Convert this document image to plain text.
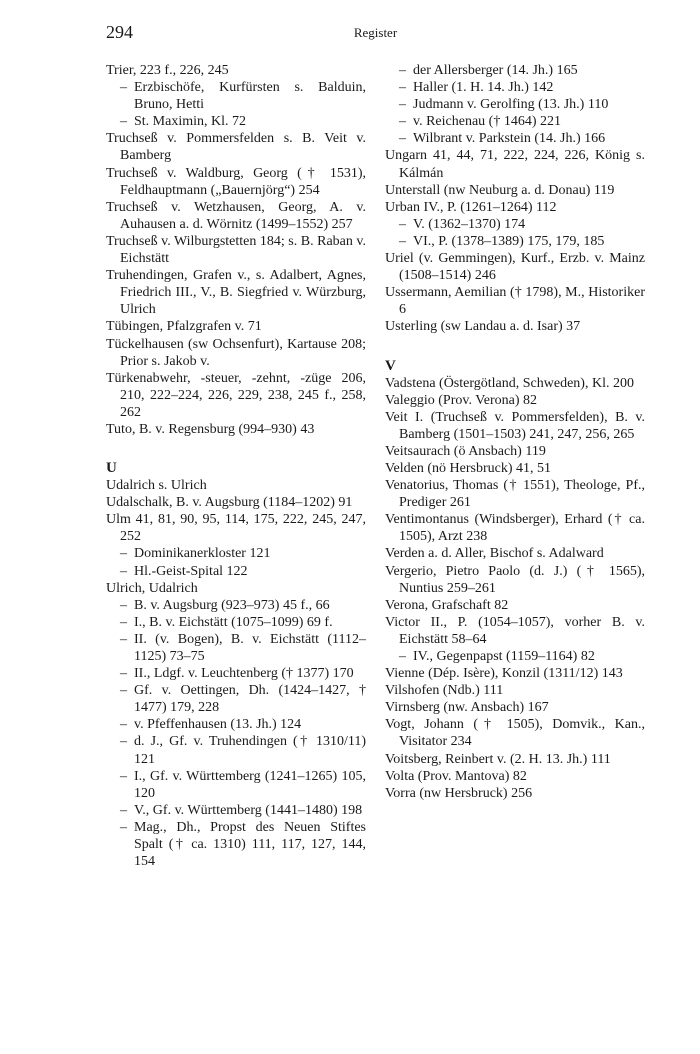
294	Register

Trier, 223 f., 226, 245

– Erzbischöfe, Kurfürsten s. Balduin, Bruno, Hetti

– St. Maximin, Kl. 72

Truchseß v. Pommersfelden s. B. Veit v. Bamberg

Truchseß v. Waldburg, Georg († 1531), Feldhauptmann („Bauernjörg“) 254

Truchseß v. Wetzhausen, Georg, A. v. Auhausen a. d. Wörnitz (1499–1552) 257

Truchseß v. Wilburgstetten 184; s. B. Raban v. Eichstätt

Truhendingen, Grafen v., s. Adalbert, Agnes, Friedrich III., V., B. Siegfried v. Würzburg, Ulrich

Tübingen, Pfalzgrafen v. 71

Tückelhausen (sw Ochsenfurt), Kartause 208; Prior s. Jakob v.

Türkenabwehr, -steuer, -zehnt, -züge 206, 210, 222–224, 226, 229, 238, 245 f., 258, 262

Tuto, B. v. Regensburg (994–930) 43

U

Udalrich s. Ulrich

Udalschalk, B. v. Augsburg (1184–1202) 91

Ulm 41, 81, 90, 95, 114, 175, 222, 245, 247, 252

– Dominikanerkloster 121

– Hl.-Geist-Spital 122

Ulrich, Udalrich

– B. v. Augsburg (923–973) 45 f., 66

– I., B. v. Eichstätt (1075–1099) 69 f.

– II. (v. Bogen), B. v. Eichstätt (1112–1125) 73–75

– II., Ldgf. v. Leuchtenberg († 1377) 170

– Gf. v. Oettingen, Dh. (1424–1427, † 1477) 179, 228

– v. Pfeffenhausen (13. Jh.) 124

– d. J., Gf. v. Truhendingen († 1310/11) 121

– I., Gf. v. Württemberg (1241–1265) 105, 120

– V., Gf. v. Württemberg (1441–1480) 198

– Mag., Dh., Propst des Neuen Stiftes Spalt († ca. 1310) 111, 117, 127, 144, 154

– der Allersberger (14. Jh.) 165

– Haller (1. H. 14. Jh.) 142

– Judmann v. Gerolfing (13. Jh.) 110

– v. Reichenau († 1464) 221

– Wilbrant v. Parkstein (14. Jh.) 166

Ungarn 41, 44, 71, 222, 224, 226, König s. Kálmán

Unterstall (nw Neuburg a. d. Donau) 119

Urban IV., P. (1261–1264) 112

– V. (1362–1370) 174

– VI., P. (1378–1389) 175, 179, 185

Uriel (v. Gemmingen), Kurf., Erzb. v. Mainz (1508–1514) 246

Ussermann, Aemilian († 1798), M., Historiker 6

Usterling (sw Landau a. d. Isar) 37

V

Vadstena (Östergötland, Schweden), Kl. 200

Valeggio (Prov. Verona) 82

Veit I. (Truchseß v. Pommersfelden), B. v. Bamberg (1501–1503) 241, 247, 256, 265

Veitsaurach (ö Ansbach) 119

Velden (nö Hersbruck) 41, 51

Venatorius, Thomas († 1551), Theologe, Pf., Prediger 261

Ventimontanus (Windsberger), Erhard († ca. 1505), Arzt 238

Verden a. d. Aller, Bischof s. Adalward

Vergerio, Pietro Paolo (d. J.) († 1565), Nuntius 259–261

Verona, Grafschaft 82

Victor II., P. (1054–1057), vorher B. v. Eichstätt 58–64

– IV., Gegenpapst (1159–1164) 82

Vienne (Dép. Isère), Konzil (1311/12) 143

Vilshofen (Ndb.) 111

Virnsberg (nw. Ansbach) 167

Vogt, Johann († 1505), Domvik., Kan., Visitator 234

Voitsberg, Reinbert v. (2. H. 13. Jh.) 111

Volta (Prov. Mantova) 82

Vorra (nw Hersbruck) 256
